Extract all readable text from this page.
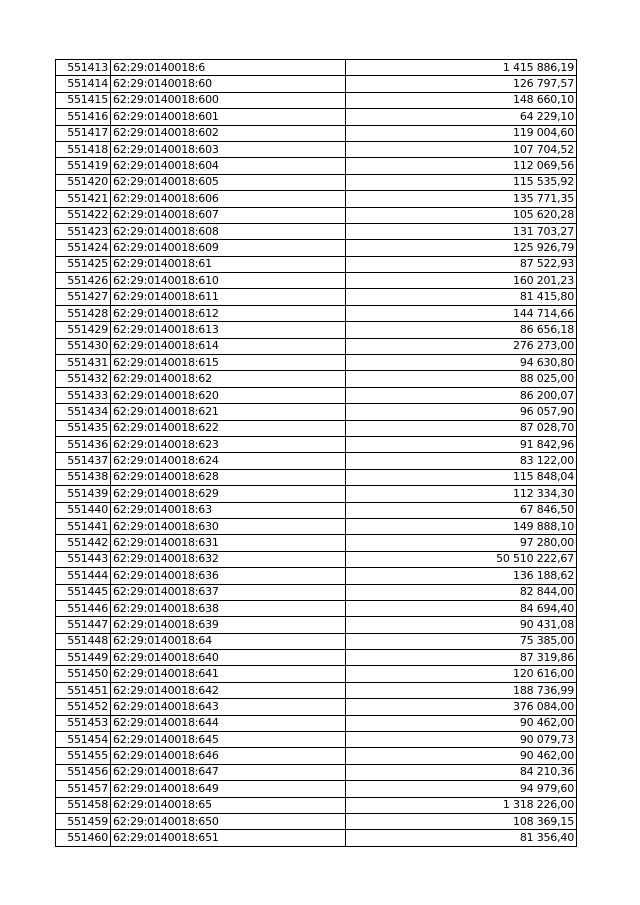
551413	62:29:0140018:6	1 415 886,19
551414	62:29:0140018:60	126 797,57
551415	62:29:0140018:600	148 660,10
551416	62:29:0140018:601	64 229,10
551417	62:29:0140018:602	119 004,60
551418	62:29:0140018:603	107 704,52
551419	62:29:0140018:604	112 069,56
551420	62:29:0140018:605	115 535,92
551421	62:29:0140018:606	135 771,35
551422	62:29:0140018:607	105 620,28
551423	62:29:0140018:608	131 703,27
551424	62:29:0140018:609	125 926,79
551425	62:29:0140018:61	87 522,93
551426	62:29:0140018:610	160 201,23
551427	62:29:0140018:611	81 415,80
551428	62:29:0140018:612	144 714,66
551429	62:29:0140018:613	86 656,18
551430	62:29:0140018:614	276 273,00
551431	62:29:0140018:615	94 630,80
551432	62:29:0140018:62	88 025,00
551433	62:29:0140018:620	86 200,07
551434	62:29:0140018:621	96 057,90
551435	62:29:0140018:622	87 028,70
551436	62:29:0140018:623	91 842,96
551437	62:29:0140018:624	83 122,00
551438	62:29:0140018:628	115 848,04
551439	62:29:0140018:629	112 334,30
551440	62:29:0140018:63	67 846,50
551441	62:29:0140018:630	149 888,10
551442	62:29:0140018:631	97 280,00
551443	62:29:0140018:632	50 510 222,67
551444	62:29:0140018:636	136 188,62
551445	62:29:0140018:637	82 844,00
551446	62:29:0140018:638	84 694,40
551447	62:29:0140018:639	90 431,08
551448	62:29:0140018:64	75 385,00
551449	62:29:0140018:640	87 319,86
551450	62:29:0140018:641	120 616,00
551451	62:29:0140018:642	188 736,99
551452	62:29:0140018:643	376 084,00
551453	62:29:0140018:644	90 462,00
551454	62:29:0140018:645	90 079,73
551455	62:29:0140018:646	90 462,00
551456	62:29:0140018:647	84 210,36
551457	62:29:0140018:649	94 979,60
551458	62:29:0140018:65	1 318 226,00
551459	62:29:0140018:650	108 369,15
551460	62:29:0140018:651	81 356,40
